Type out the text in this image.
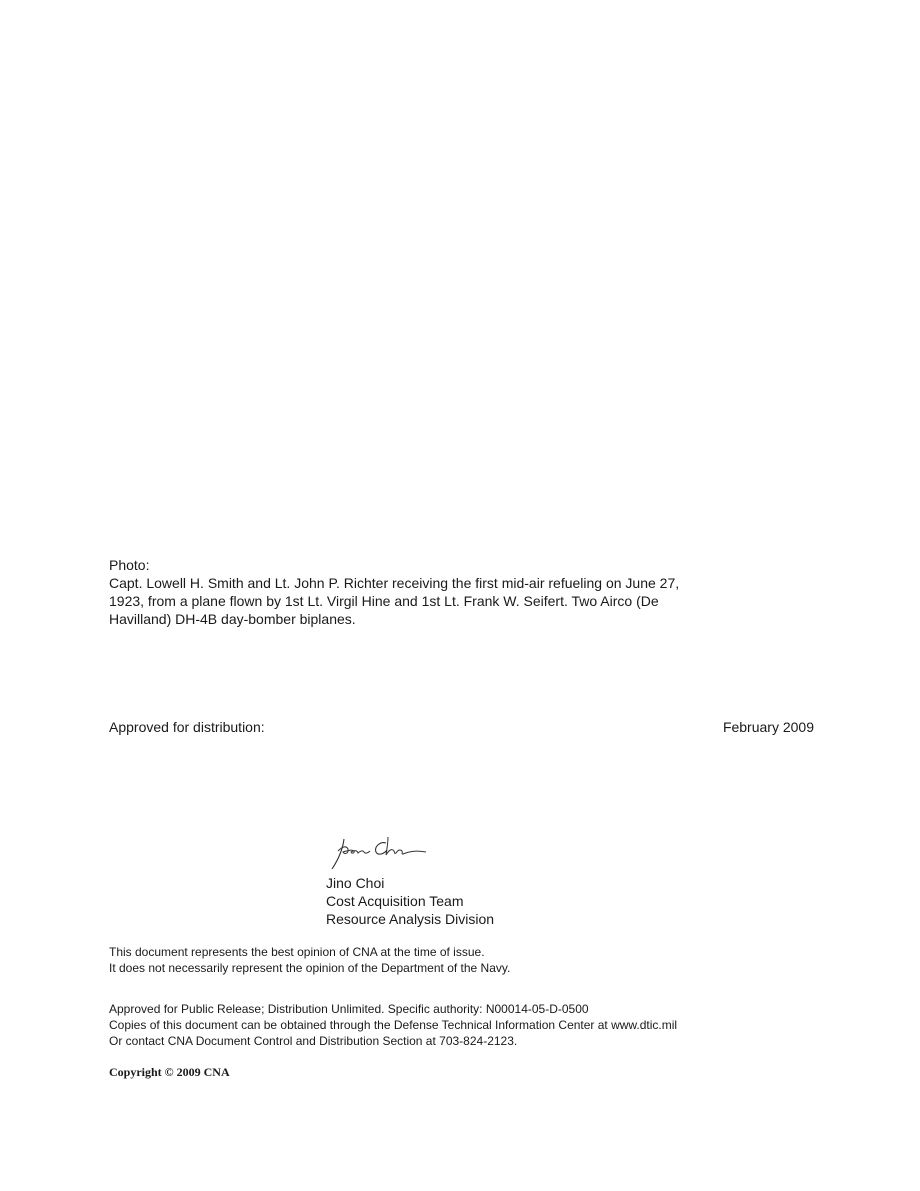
Photo:
Capt. Lowell H. Smith and Lt. John P. Richter receiving the first mid-air refueling on June 27,
1923, from a plane flown by 1st Lt. Virgil Hine and 1st Lt. Frank W. Seifert. Two Airco (De
Havilland) DH-4B day-bomber biplanes.
Approved for distribution:	February 2009
Jino Choi
Cost Acquisition Team
Resource Analysis Division
This document represents the best opinion of CNA at the time of issue.
It does not necessarily represent the opinion of the Department of the Navy.
Approved for Public Release; Distribution Unlimited. Specific authority: N00014-05-D-0500
Copies of this document can be obtained through the Defense Technical Information Center at www.dtic.mil
Or contact CNA Document Control and Distribution Section at 703-824-2123.
Copyright © 2009 CNA
